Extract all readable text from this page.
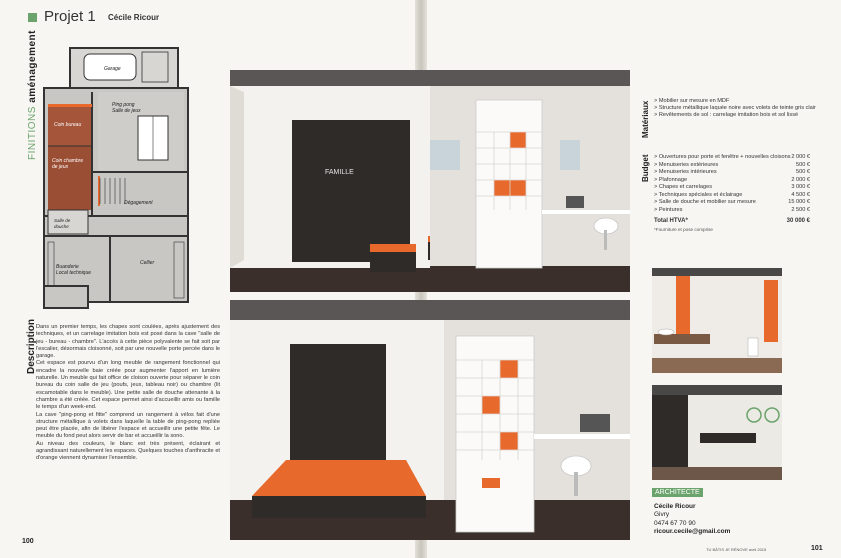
Projet 1 Cécile Ricour
FINITIONS aménagement	Garage
Ping pong Salle de jeux
Coin bureau
Coin chambre de jeux
Dégagement
Salle de douche
Buanderie Local technique
Cellier
FAMILLE
Description Dans un premier temps, les chapes sont coulées, après ajustement des techniques, et un carrelage imitation bois est posé dans la cave "salle de jeu - bureau - chambre". L'accès à cette pièce polyvalente se fait soit par l'escalier, désormais cloisonné, soit par une nouvelle porte percée dans le garage.

Cet espace est pourvu d'un long meuble de rangement fonctionnel qui encadre la nouvelle baie créée pour augmenter l'apport en lumière naturelle. Un meuble qui fait office de cloison ouverte pour séparer le coin bureau du coin salle de jeu (poufs, jeux, tableau noir) ou chambre (lit escamotable dans le meuble). Une petite salle de douche attenante à la chambre a été créée. Cet espace permet ainsi d'accueillir amis ou famille le temps d'un week-end.

La cave "ping-pong et fitte" comprend un rangement à vélos fait d'une structure métallique à volets dans laquelle la table de ping-pong repliée peut être placée, afin de libérer l'espace et accueillir une petite fête. Le meuble du fond peut alors servir de bar et accueillir la sono.

Au niveau des couleurs, le blanc est très présent, éclairant et agrandissant naturellement les espaces. Quelques touches d'anthracite et d'orange viennent dynamiser l'ensemble.

Matériaux > Mobilier sur mesure en MDF
> Structure métallique laquée noire avec volets de teinte gris clair
> Revêtements de sol : carrelage imitation bois et sol lissé
Budget > Ouvertures pour porte et fenêtre + nouvelles cloisons 2 000 €
> Menuiseries extérieures	500 €
> Menuiseries intérieures	500 €
> Plafonnage	2 000 €
> Chapes et carrelages	3 000 €
> Techniques spéciales et éclairage	4 500 €
> Salle de douche et mobilier sur mesure	15 000 €
> Peintures	2 500 €
Total HTVA*	30 000 €
*Fourniture et pose comprise
ARCHITECTE
Cécile Ricour
Givry
0474 67 70 90
ricour.cecile@gmail.com
100
TU BÂTIS JE RÉNOVE avril 2015	101
